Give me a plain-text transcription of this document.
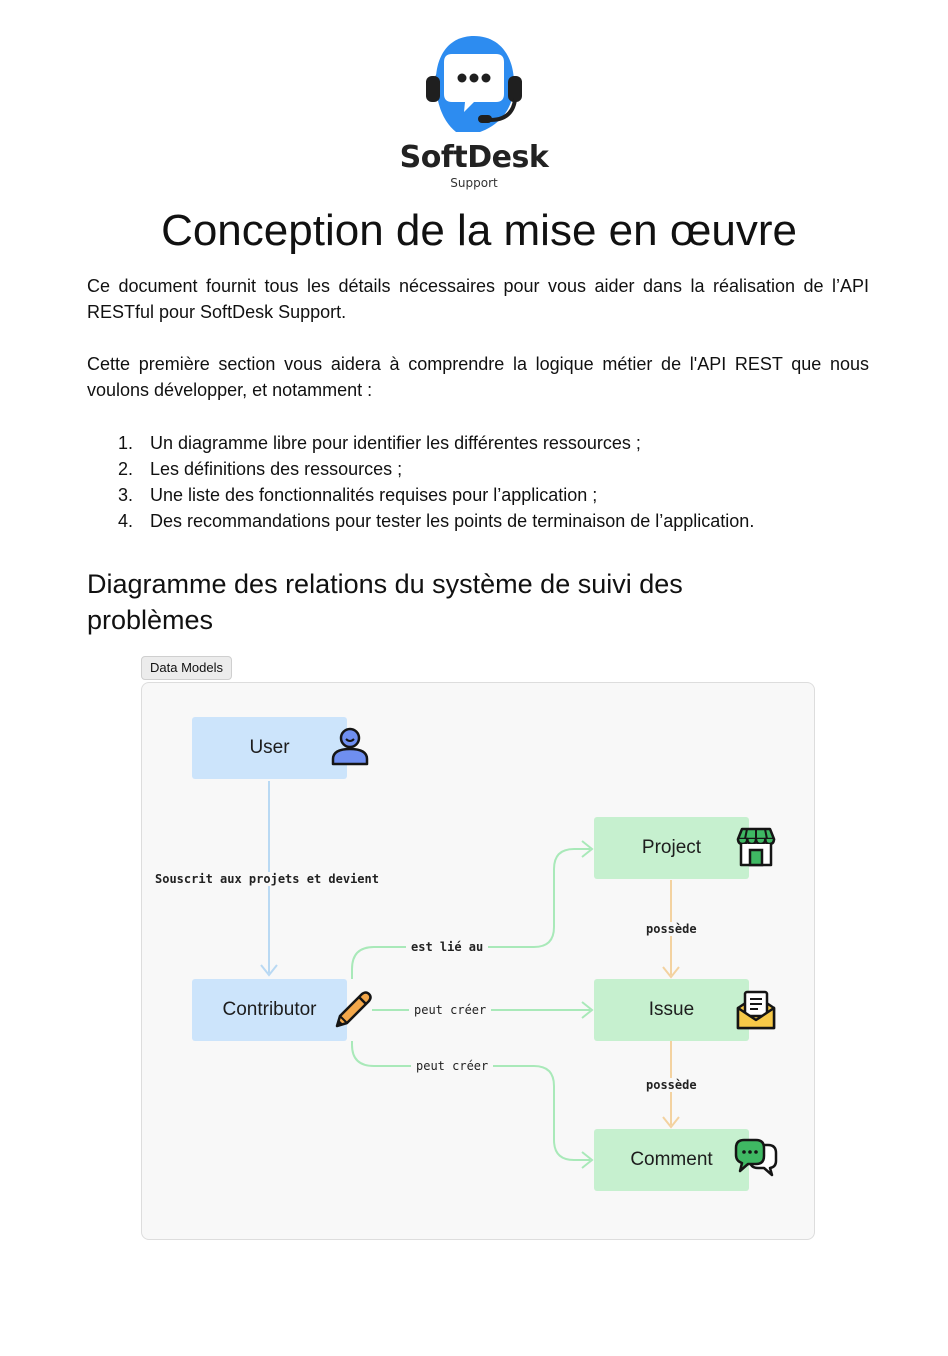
SoftDesk
Support
Conception de la mise en œuvre

Ce document fournit tous les détails nécessaires pour vous aider dans la réalisation de l’API RESTful pour SoftDesk Support.

Cette première section vous aidera à comprendre la logique métier de l'API REST que nous voulons développer, et notamment :

1. Un diagramme libre pour identifier les différentes ressources ;
2. Les définitions des ressources ;
3. Une liste des fonctionnalités requises pour l’application ;
4. Des recommandations pour tester les points de terminaison de l’application.
Diagramme des relations du système de suivi des problèmes
Data Models
Souscrit aux projets et devient
est lié au
peut créer
peut créer
possède
possède
User
Contributor
Project
Issue
Comment
